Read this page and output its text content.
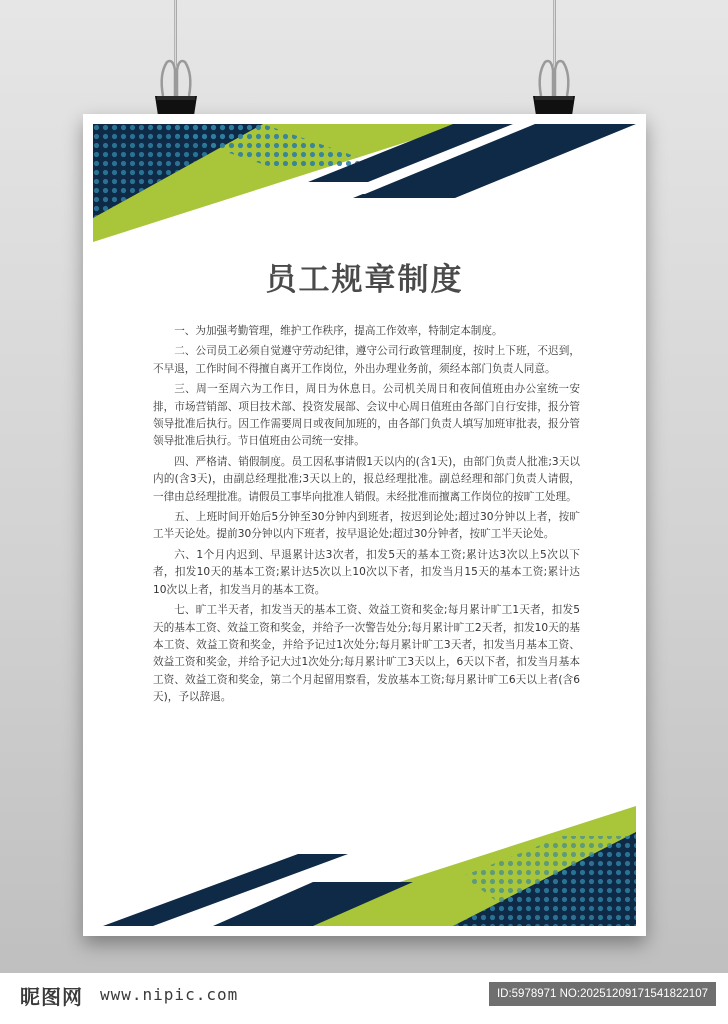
员工规章制度

一、为加强考勤管理，维护工作秩序，提高工作效率，特制定本制度。

二、公司员工必须自觉遵守劳动纪律，遵守公司行政管理制度，按时上下班，不迟到，不早退，工作时间不得擅自离开工作岗位，外出办理业务前，须经本部门负责人同意。

三、周一至周六为工作日，周日为休息日。公司机关周日和夜间值班由办公室统一安排，市场营销部、项目技术部、投资发展部、会议中心周日值班由各部门自行安排，报分管领导批准后执行。因工作需要周日或夜间加班的，由各部门负责人填写加班审批表，报分管领导批准后执行。节日值班由公司统一安排。

四、严格请、销假制度。员工因私事请假1天以内的(含1天)，由部门负责人批准;3天以内的(含3天)，由副总经理批准;3天以上的，报总经理批准。副总经理和部门负责人请假，一律由总经理批准。请假员工事毕向批准人销假。未经批准而擅离工作岗位的按旷工处理。

五、上班时间开始后5分钟至30分钟内到班者，按迟到论处;超过30分钟以上者，按旷工半天论处。提前30分钟以内下班者，按早退论处;超过30分钟者，按旷工半天论处。

六、1个月内迟到、早退累计达3次者，扣发5天的基本工资;累计达3次以上5次以下者，扣发10天的基本工资;累计达5次以上10次以下者，扣发当月15天的基本工资;累计达10次以上者，扣发当月的基本工资。

七、旷工半天者，扣发当天的基本工资、效益工资和奖金;每月累计旷工1天者，扣发5天的基本工资、效益工资和奖金，并给予一次警告处分;每月累计旷工2天者，扣发10天的基本工资、效益工资和奖金，并给予记过1次处分;每月累计旷工3天者，扣发当月基本工资、效益工资和奖金，并给予记大过1次处分;每月累计旷工3天以上，6天以下者，扣发当月基本工资、效益工资和奖金，第二个月起留用察看，发放基本工资;每月累计旷工6天以上者(含6天)，予以辞退。

昵图网 www.nipic.com	ID:5978971 NO:20251209171541822107
